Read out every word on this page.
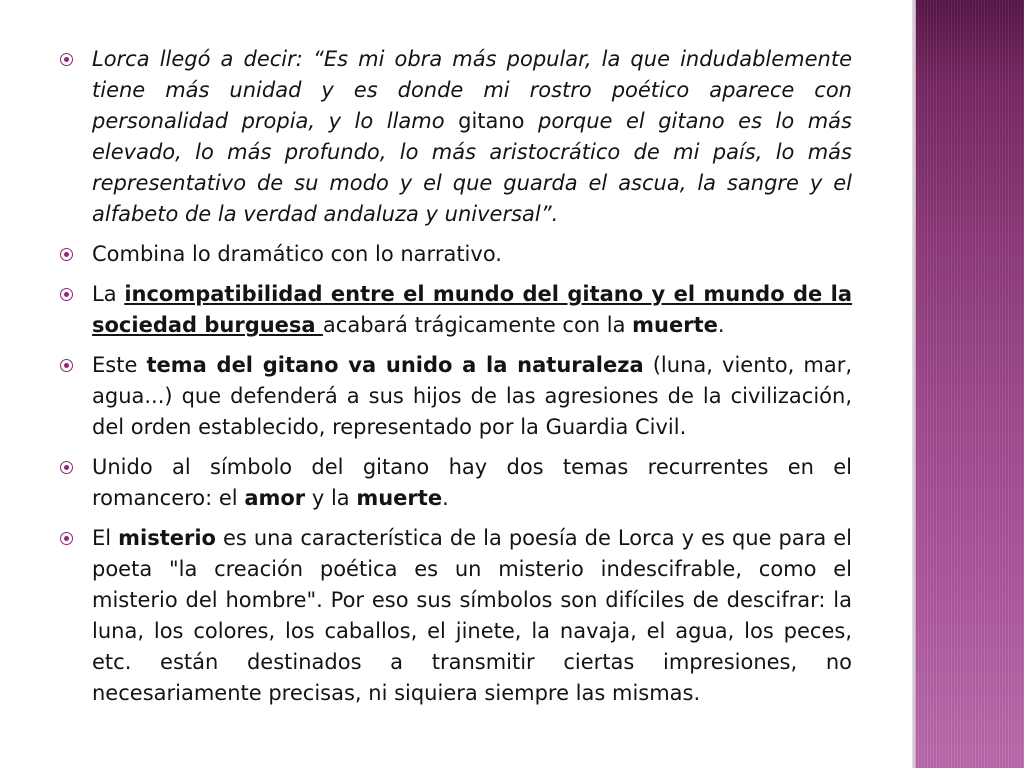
Lorca llegó a decir: “Es mi obra más popular, la que indudablemente tiene más unidad y es donde mi rostro poético aparece con personalidad propia, y lo llamo gitano porque el gitano es lo más elevado, lo más profundo, lo más aristocrático de mi país, lo más representativo de su modo y el que guarda el ascua, la sangre y el alfabeto de la verdad andaluza y universal”.
Combina lo dramático con lo narrativo.
La incompatibilidad entre el mundo del gitano y el mundo de la sociedad burguesa acabará trágicamente con la muerte.
Este tema del gitano va unido a la naturaleza (luna, viento, mar, agua...) que defenderá a sus hijos de las agresiones de la civilización, del orden establecido, representado por la Guardia Civil.
Unido al símbolo del gitano hay dos temas recurrentes en el romancero: el amor y la muerte.
El misterio es una característica de la poesía de Lorca y es que para el poeta "la creación poética es un misterio indescifrable, como el misterio del hombre". Por eso sus símbolos son difíciles de descifrar: la luna, los colores, los caballos, el jinete, la navaja, el agua, los peces, etc. están destinados a transmitir ciertas impresiones, no necesariamente precisas, ni siquiera siempre las mismas.
